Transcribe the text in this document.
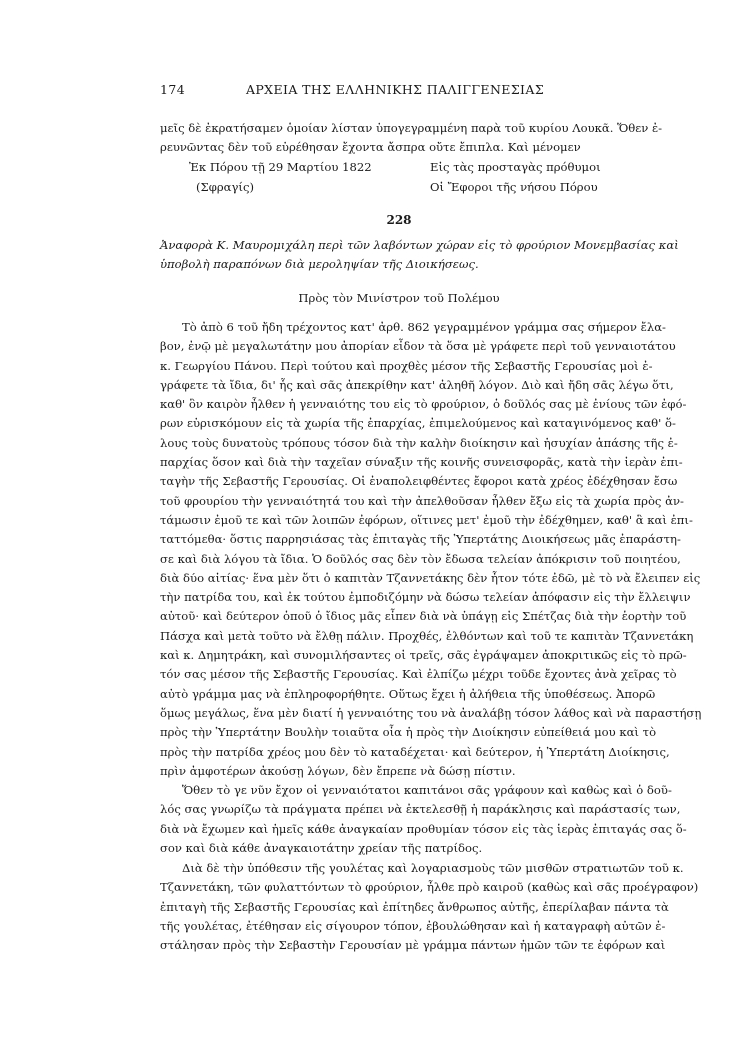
174	ΑΡΧΕΙΑ ΤΗΣ ΕΛΛΗΝΙΚΗΣ ΠΑΛΙΓΓΕΝΕΣΙΑΣ
μεῖς δὲ ἐκρατήσαμεν ὁμοίαν λίσταν ὑπογεγραμμένη παρὰ τοῦ κυρίου Λουκᾶ. Ὅθεν ἐ-
ρευνῶντας δὲν τοῦ εὑρέθησαν ἔχοντα ἄσπρα οὔτε ἔπιπλα. Καὶ μένομεν
Ἐκ Πόρου τῇ 29 Μαρτίου 1822	Εἰς τὰς προσταγὰς πρόθυμοι
(Σφραγίς)	Οἱ Ἔφοροι τῆς νήσου Πόρου
228
Ἀναφορὰ Κ. Μαυρομιχάλη περὶ τῶν λαβόντων χώραν εἰς τὸ φρούριον Μονεμβασίας καὶ
ὑποβολὴ παραπόνων διὰ μεροληψίαν τῆς Διοικήσεως.
Πρὸς τὸν Μινίστρον τοῦ Πολέμου
Τὸ ἀπὸ 6 τοῦ ἤδη τρέχοντος κατ' ἀρθ. 862 γεγραμμένον γράμμα σας σήμερον ἔλα-
βον, ἐνῷ μὲ μεγαλωτάτην μου ἀπορίαν εἶδον τὰ ὅσα μὲ γράφετε περὶ τοῦ γενναιοτάτου
κ. Γεωργίου Πάνου. Περὶ τούτου καὶ προχθὲς μέσον τῆς Σεβαστῆς Γερουσίας μοὶ ἐ-
γράφετε τὰ ἴδια, δι' ἧς καὶ σᾶς ἀπεκρίθην κατ' ἀληθῆ λόγον. Διὸ καὶ ἤδη σᾶς λέγω ὅτι,
καθ' ὃν καιρὸν ἦλθεν ἡ γενναιότης του εἰς τὸ φρούριον, ὁ δοῦλός σας μὲ ἐνίους τῶν ἐφό-
ρων εὑρισκόμουν εἰς τὰ χωρία τῆς ἐπαρχίας, ἐπιμελούμενος καὶ καταγινόμενος καθ' ὅ-
λους τοὺς δυνατοὺς τρόπους τόσον διὰ τὴν καλὴν διοίκησιν καὶ ἡσυχίαν ἁπάσης τῆς ἐ-
παρχίας ὅσον καὶ διὰ τὴν ταχεῖαν σύναξιν τῆς κοινῆς συνεισφορᾶς, κατὰ τὴν ἱερὰν ἐπι-
ταγὴν τῆς Σεβαστῆς Γερουσίας. Οἱ ἐναπολειφθέντες ἔφοροι κατὰ χρέος ἐδέχθησαν ἔσω
τοῦ φρουρίου τὴν γενναιότητά του καὶ τὴν ἀπελθοῦσαν ἦλθεν ἔξω εἰς τὰ χωρία πρὸς ἀν-
τάμωσιν ἐμοῦ τε καὶ τῶν λοιπῶν ἐφόρων, οἵτινες μετ' ἐμοῦ τὴν ἐδέχθημεν, καθ' ἃ καὶ ἐπι-
ταττόμεθα· ὅστις παρρησιάσας τὰς ἐπιταγὰς τῆς Ὑπερτάτης Διοικήσεως μᾶς ἐπαράστη-
σε καὶ διὰ λόγου τὰ ἴδια. Ὁ δοῦλός σας δὲν τὸν ἔδωσα τελείαν ἀπόκρισιν τοῦ ποιητέου,
διὰ δύο αἰτίας· ἕνα μὲν ὅτι ὁ καπιτὰν Τζαννετάκης δὲν ἦτον τότε ἐδῶ, μὲ τὸ νὰ ἔλειπεν εἰς
τὴν πατρίδα του, καὶ ἐκ τούτου ἐμποδιζόμην νὰ δώσω τελείαν ἀπόφασιν εἰς τὴν ἔλλειψιν
αὐτοῦ· καὶ δεύτερον ὁποῦ ὁ ἴδιος μᾶς εἶπεν διὰ νὰ ὑπάγῃ εἰς Σπέτζας διὰ τὴν ἑορτὴν τοῦ
Πάσχα καὶ μετὰ τοῦτο νὰ ἔλθῃ πάλιν. Προχθές, ἐλθόντων καὶ τοῦ τε καπιτὰν Τζαννετάκη
καὶ κ. Δημητράκη, καὶ συνομιλήσαντες οἱ τρεῖς, σᾶς ἐγράψαμεν ἀποκριτικῶς εἰς τὸ πρῶ-
τόν σας μέσον τῆς Σεβαστῆς Γερουσίας. Καὶ ἐλπίζω μέχρι τοῦδε ἔχοντες ἀνὰ χεῖρας τὸ
αὐτὸ γράμμα μας νὰ ἐπληροφορήθητε. Οὕτως ἔχει ἡ ἀλήθεια τῆς ὑποθέσεως. Ἀπορῶ
ὅμως μεγάλως, ἕνα μὲν διατί ἡ γενναιότης του νὰ ἀναλάβῃ τόσον λάθος καὶ νὰ παραστήσῃ
πρὸς τὴν Ὑπερτάτην Βουλὴν τοιαῦτα οἷα ἡ πρὸς τὴν Διοίκησιν εὐπείθειά μου καὶ τὸ
πρὸς τὴν πατρίδα χρέος μου δὲν τὸ καταδέχεται· καὶ δεύτερον, ἡ Ὑπερτάτη Διοίκησις,
πρὶν ἀμφοτέρων ἀκούσῃ λόγων, δὲν ἔπρεπε νὰ δώσῃ πίστιν.
Ὅθεν τὸ γε νῦν ἔχον οἱ γενναιότατοι καπιτάνοι σᾶς γράφουν καὶ καθὼς καὶ ὁ δοῦ-
λός σας γνωρίζω τὰ πράγματα πρέπει νὰ ἐκτελεσθῇ ἡ παράκλησις καὶ παράστασίς των,
διὰ νὰ ἔχωμεν καὶ ἡμεῖς κάθε ἀναγκαίαν προθυμίαν τόσον εἰς τὰς ἱερὰς ἐπιταγάς σας ὅ-
σον καὶ διὰ κάθε ἀναγκαιοτάτην χρείαν τῆς πατρίδος.
Διὰ δὲ τὴν ὑπόθεσιν τῆς γουλέτας καὶ λογαριασμοὺς τῶν μισθῶν στρατιωτῶν τοῦ κ.
Τζαννετάκη, τῶν φυλαττόντων τὸ φρούριον, ἦλθε πρὸ καιροῦ (καθὼς καὶ σᾶς προέγραφον)
ἐπιταγὴ τῆς Σεβαστῆς Γερουσίας καὶ ἐπίτηδες ἄνθρωπος αὐτῆς, ἐπερίλαβαν πάντα τὰ
τῆς γουλέτας, ἐτέθησαν εἰς σίγουρον τόπον, ἐβουλώθησαν καὶ ἡ καταγραφὴ αὐτῶν ἐ-
στάλησαν πρὸς τὴν Σεβαστὴν Γερουσίαν μὲ γράμμα πάντων ἡμῶν τῶν τε ἐφόρων καὶ
